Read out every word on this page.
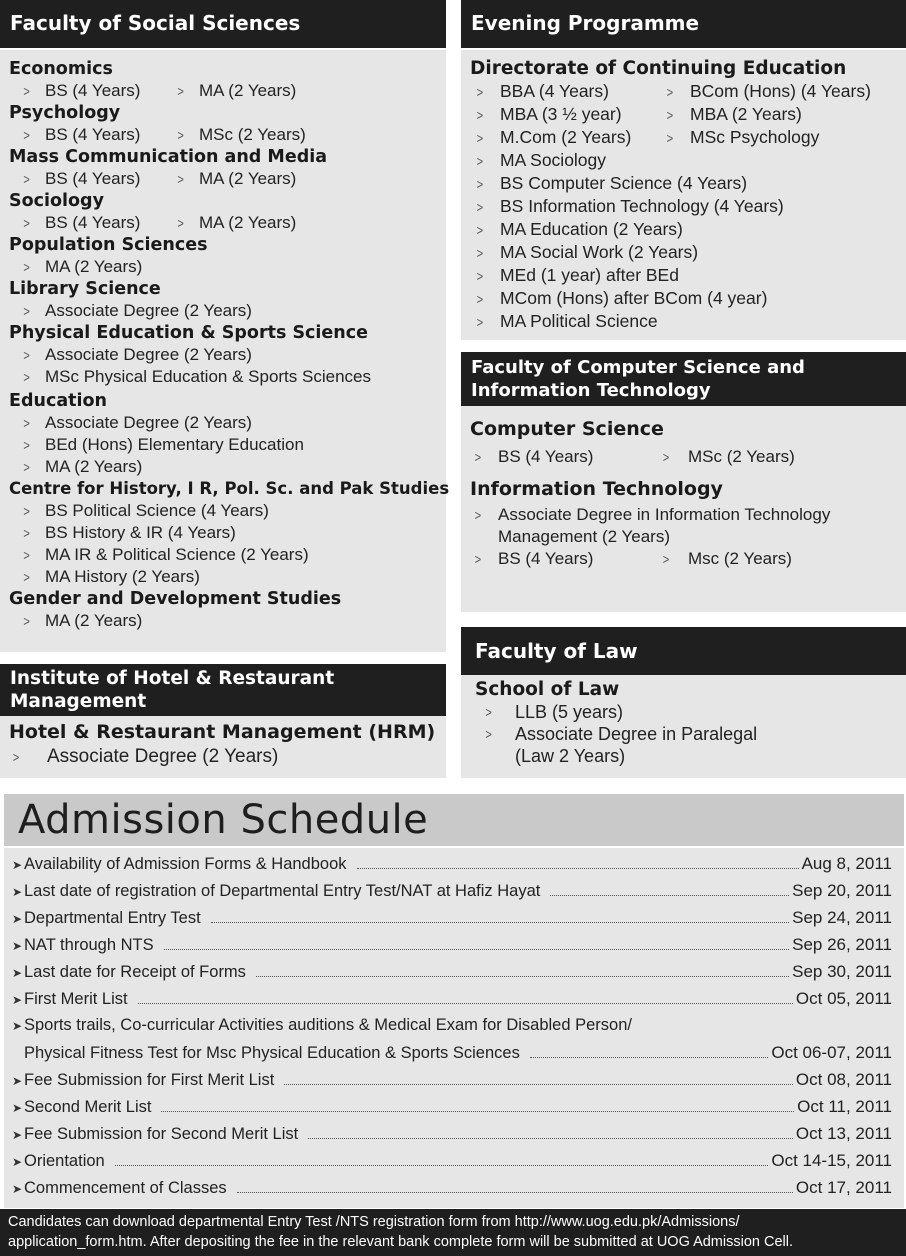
Faculty of Social Sciences
Economics
> BS (4 Years)	> MA (2 Years)
Psychology
> BS (4 Years)	> MSc (2 Years)
Mass Communication and Media
> BS (4 Years)	> MA (2 Years)
Sociology
> BS (4 Years)	> MA (2 Years)
Population Sciences
> MA (2 Years)
Library Science
> Associate Degree (2 Years)
Physical Education & Sports Science
> Associate Degree (2 Years)
> MSc Physical Education & Sports Sciences
Education
> Associate Degree (2 Years)
> BEd (Hons) Elementary Education
> MA (2 Years)
Centre for History, I R, Pol. Sc. and Pak Studies
> BS Political Science (4 Years)
> BS History & IR (4 Years)
> MA IR & Political Science (2 Years)
> MA History (2 Years)
Gender and Development Studies
> MA (2 Years)
Institute of Hotel & Restaurant
Management
Hotel & Restaurant Management (HRM)
>	Associate Degree (2 Years)
Evening Programme
Directorate of Continuing Education
> BBA (4 Years)	> BCom (Hons) (4 Years)
> MBA (3 ½ year)	> MBA (2 Years)
> M.Com (2 Years)	> MSc Psychology
> MA Sociology
> BS Computer Science (4 Years)
> BS Information Technology (4 Years)
> MA Education (2 Years)
> MA Social Work (2 Years)
> MEd (1 year) after BEd
> MCom (Hons) after BCom (4 year)
> MA Political Science
Faculty of Computer Science and
Information Technology
Computer Science
> BS (4 Years)	>	MSc (2 Years)
Information Technology
> Associate Degree in Information Technology
Management (2 Years)
> BS (4 Years)	>	Msc (2 Years)
Faculty of Law
School of Law
>	LLB (5 years)
>	Associate Degree in Paralegal
(Law 2 Years)
Admission Schedule
➤ Availability of Admission Forms & Handbook	Aug 8, 2011
➤ Last date of registration of Departmental Entry Test/NAT at Hafiz Hayat	Sep 20, 2011
➤ Departmental Entry Test	Sep 24, 2011
➤ NAT through NTS	Sep 26, 2011
➤ Last date for Receipt of Forms	Sep 30, 2011
➤ First Merit List	Oct 05, 2011
➤ Sports trails, Co-curricular Activities auditions & Medical Exam for Disabled Person/
Physical Fitness Test for Msc Physical Education & Sports Sciences	Oct 06-07, 2011
➤ Fee Submission for First Merit List	Oct 08, 2011
➤ Second Merit List	Oct 11, 2011
➤ Fee Submission for Second Merit List	Oct 13, 2011
➤ Orientation	Oct 14-15, 2011
➤ Commencement of Classes	Oct 17, 2011
Candidates can download departmental Entry Test /NTS registration form from http://www.uog.edu.pk/Admissions/
application_form.htm. After depositing the fee in the relevant bank complete form will be submitted at UOG Admission Cell.
